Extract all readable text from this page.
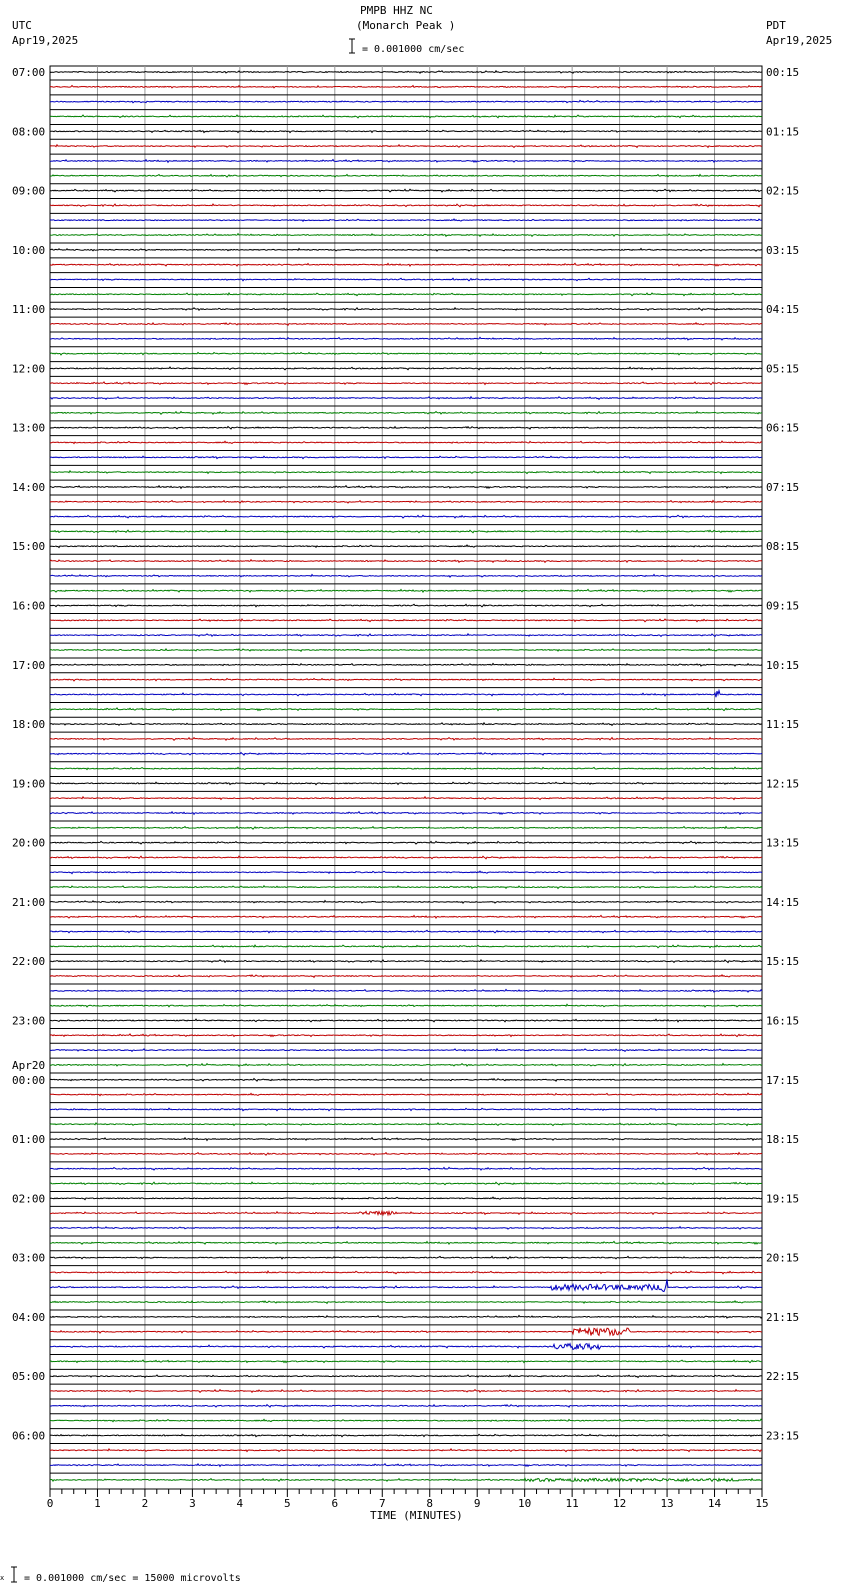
PMPB HHZ NC
(Monarch Peak )
UTC
Apr19,2025
PDT
Apr19,2025
= 0.001000 cm/sec
0	1	2	3	4	5	6	7	8	9	10	11	12	13	14	15
07:00	00:15
08:00	01:15
09:00	02:15
10:00	03:15
11:00	04:15
12:00	05:15
13:00	06:15
14:00	07:15
15:00	08:15
16:00	09:15
17:00	10:15
18:00	11:15
19:00	12:15
20:00	13:15
21:00	14:15
22:00	15:15
23:00	16:15
00:00	17:15
Apr20
01:00	18:15
02:00	19:15
03:00	20:15
04:00	21:15
05:00	22:15
06:00	23:15
TIME (MINUTES)
x = 0.001000 cm/sec = 15000 microvolts
